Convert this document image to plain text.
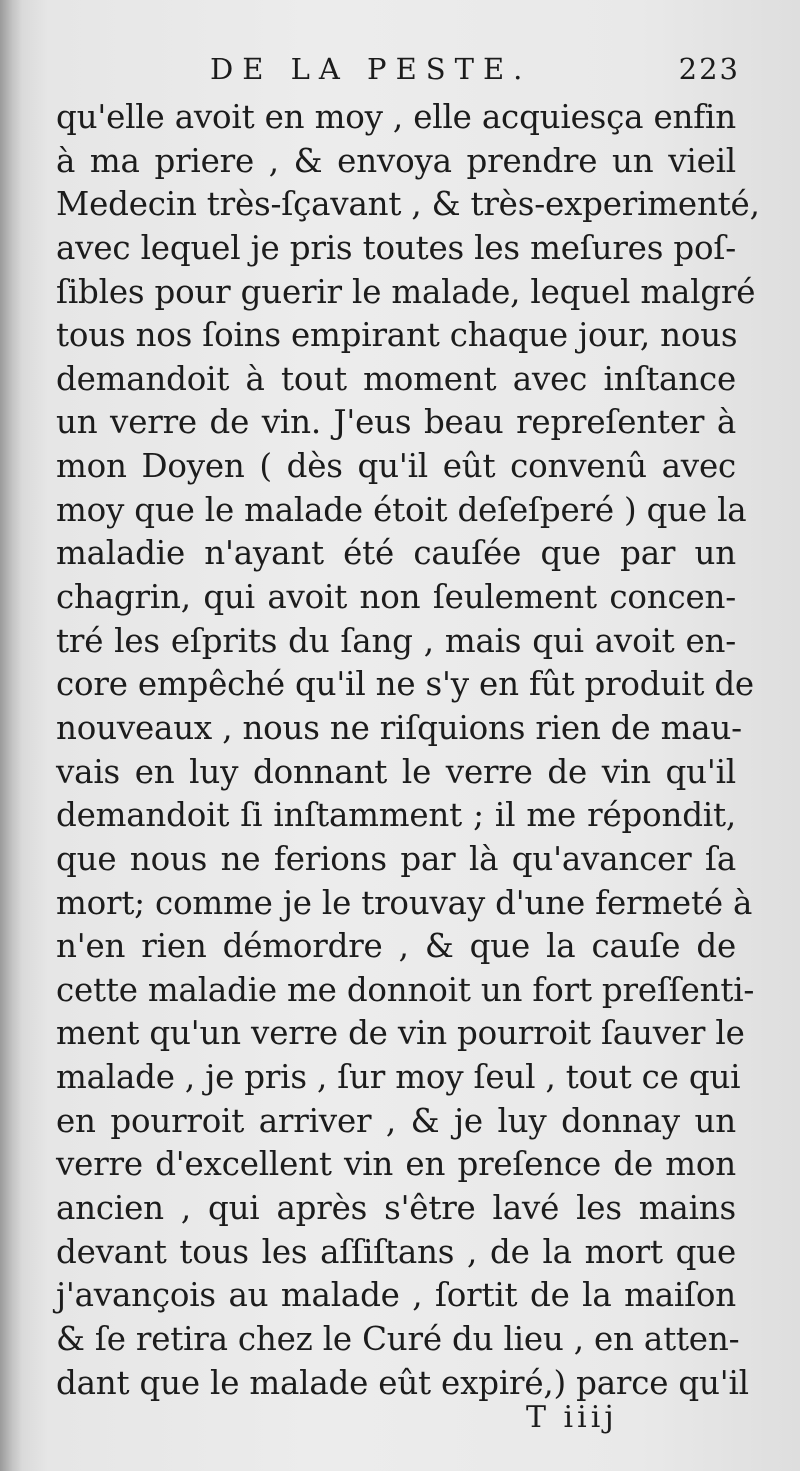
DE LA PESTE.	223
qu'elle avoit en moy , elle acquiesça enfin
à ma priere , & envoya prendre un vieil
Medecin très-ſçavant , & très-experimenté,
avec lequel je pris toutes les meſures poſ-
ſibles pour guerir le malade, lequel malgré
tous nos ſoins empirant chaque jour, nous
demandoit à tout moment avec inſtance
un verre de vin. J'eus beau repreſenter à
mon Doyen ( dès qu'il eût convenû avec
moy que le malade étoit deſeſperé ) que la
maladie n'ayant été cauſée que par un
chagrin, qui avoit non ſeulement concen-
tré les eſprits du ſang , mais qui avoit en-
core empêché qu'il ne s'y en fût produit de
nouveaux , nous ne riſquions rien de mau-
vais en luy donnant le verre de vin qu'il
demandoit ſi inſtamment ; il me répondit,
que nous ne ferions par là qu'avancer ſa
mort; comme je le trouvay d'une fermeté à
n'en rien démordre , & que la cauſe de
cette maladie me donnoit un fort preſſenti-
ment qu'un verre de vin pourroit ſauver le
malade , je pris , ſur moy ſeul , tout ce qui
en pourroit arriver , & je luy donnay un
verre d'excellent vin en preſence de mon
ancien , qui après s'être lavé les mains
devant tous les aſſiſtans , de la mort que
j'avançois au malade , ſortit de la maiſon
& ſe retira chez le Curé du lieu , en atten-
dant que le malade eût expiré,) parce qu'il
T iiij
